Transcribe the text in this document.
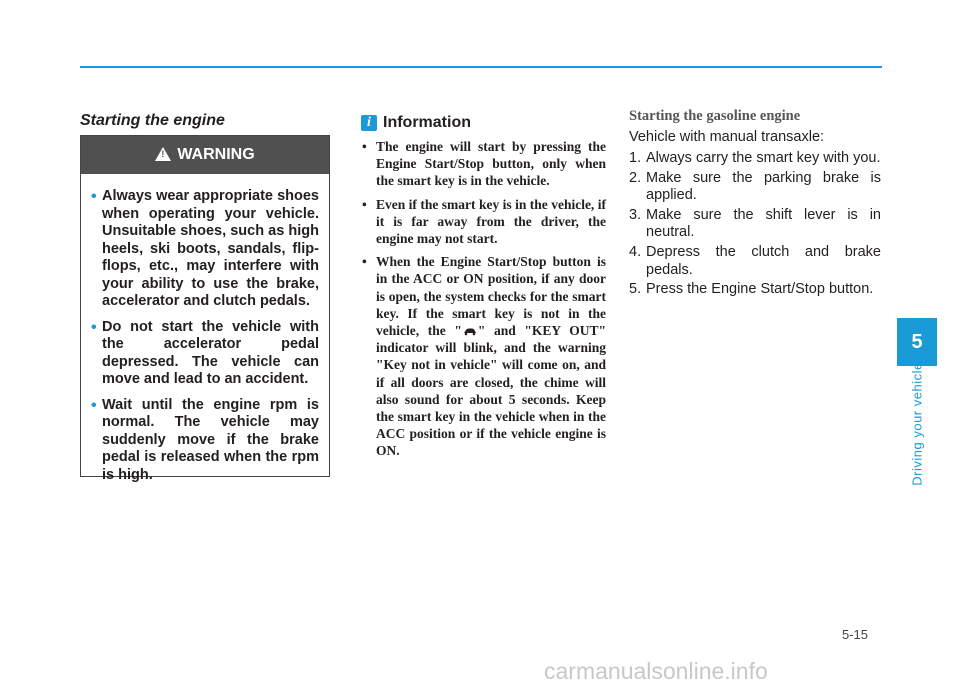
Starting the engine
!
WARNING
• Always wear appropriate shoes when operating your vehicle. Unsuitable shoes, such as high heels, ski boots, sandals, flip-flops, etc., may interfere with your ability to use the brake, accelerator and clutch pedals.
• Do not start the vehicle with the accelerator pedal depressed. The vehicle can move and lead to an accident.
• Wait until the engine rpm is normal. The vehicle may suddenly move if the brake pedal is released when the rpm is high.
i Information
• The engine will start by pressing the Engine Start/Stop button, only when the smart key is in the vehicle.
• Even if the smart key is in the vehicle, if it is far away from the driver, the engine may not start.
• When the Engine Start/Stop button is in the ACC or ON position, if any door is open, the system checks for the smart key. If the smart key is not in the vehicle, the " " and "KEY OUT" indicator will blink, and the warning "Key not in vehicle" will come on, and if all doors are closed, the chime will also sound for about 5 seconds. Keep the smart key in the vehicle when in the ACC position or if the vehicle engine is ON.
Starting the gasoline engine
Vehicle with manual transaxle:
1. Always carry the smart key with you.
2. Make sure the parking brake is applied.
3. Make sure the shift lever is in neutral.
4. Depress the clutch and brake pedals.
5. Press the Engine Start/Stop button.
5
Driving your vehicle
5-15
carmanualsonline.info
